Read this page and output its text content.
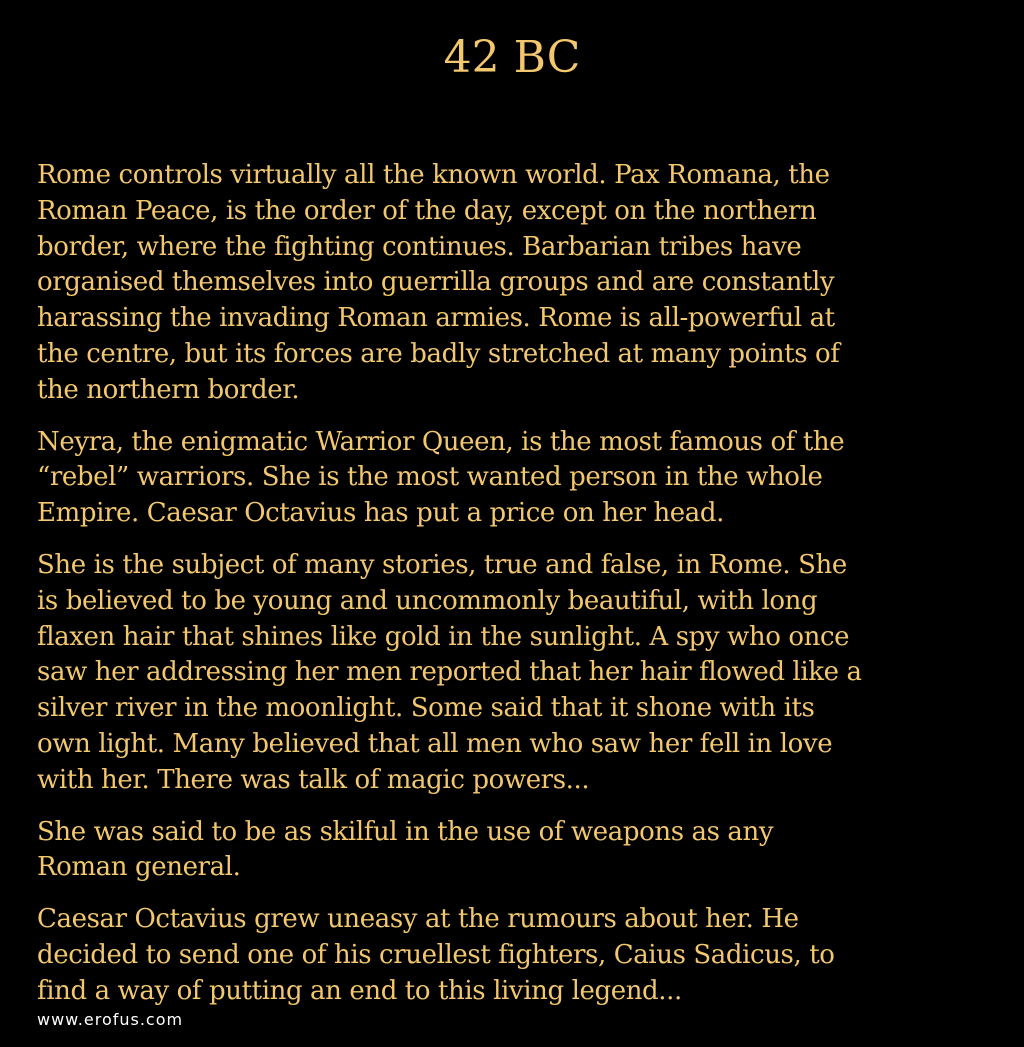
42 BC

Rome controls virtually all the known world. Pax Romana, the
Roman Peace, is the order of the day, except on the northern
border, where the fighting continues. Barbarian tribes have
organised themselves into guerrilla groups and are constantly
harassing the invading Roman armies. Rome is all-powerful at
the centre, but its forces are badly stretched at many points of
the northern border.

Neyra, the enigmatic Warrior Queen, is the most famous of the
“rebel” warriors. She is the most wanted person in the whole
Empire. Caesar Octavius has put a price on her head.

She is the subject of many stories, true and false, in Rome. She
is believed to be young and uncommonly beautiful, with long
flaxen hair that shines like gold in the sunlight. A spy who once
saw her addressing her men reported that her hair flowed like a
silver river in the moonlight. Some said that it shone with its
own light. Many believed that all men who saw her fell in love
with her. There was talk of magic powers...

She was said to be as skilful in the use of weapons as any
Roman general.

Caesar Octavius grew uneasy at the rumours about her. He
decided to send one of his cruellest fighters, Caius Sadicus, to
find a way of putting an end to this living legend...

www.erofus.com
